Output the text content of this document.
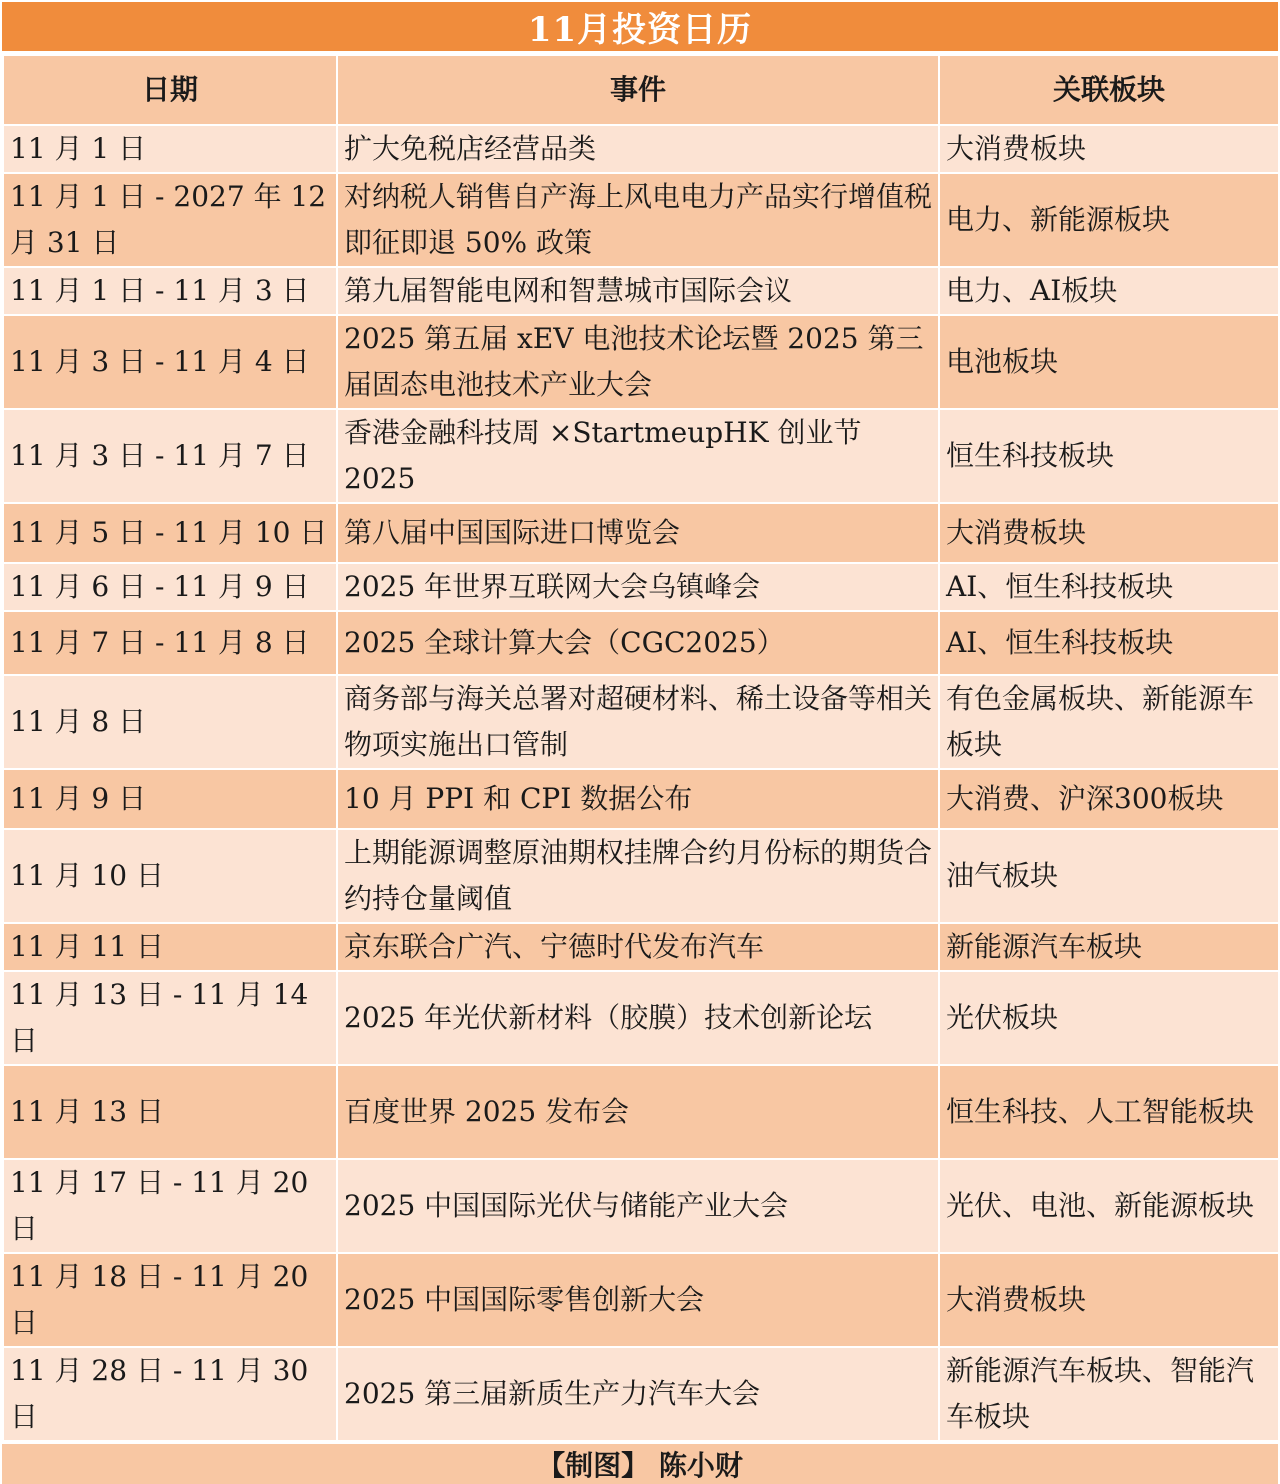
11月投资日历
日期	事件	关联板块
11 月 1 日	扩大免税店经营品类	大消费板块
11 月 1 日 - 2027 年 12 月 31 日	对纳税人销售自产海上风电电力产品实行增值税即征即退 50% 政策	电力、新能源板块
11 月 1 日 - 11 月 3 日	第九届智能电网和智慧城市国际会议	电力、AI板块
11 月 3 日 - 11 月 4 日	2025 第五届 xEV 电池技术论坛暨 2025 第三届固态电池技术产业大会	电池板块
11 月 3 日 - 11 月 7 日	香港金融科技周 ×StartmeupHK 创业节 2025	恒生科技板块
11 月 5 日 - 11 月 10 日	第八届中国国际进口博览会	大消费板块
11 月 6 日 - 11 月 9 日	2025 年世界互联网大会乌镇峰会	AI、恒生科技板块
11 月 7 日 - 11 月 8 日	2025 全球计算大会（CGC2025）	AI、恒生科技板块
11 月 8 日	商务部与海关总署对超硬材料、稀土设备等相关物项实施出口管制	有色金属板块、新能源车板块
11 月 9 日	10 月 PPI 和 CPI 数据公布	大消费、沪深300板块
11 月 10 日	上期能源调整原油期权挂牌合约月份标的期货合约持仓量阈值	油气板块
11 月 11 日	京东联合广汽、宁德时代发布汽车	新能源汽车板块
11 月 13 日 - 11 月 14 日	2025 年光伏新材料（胶膜）技术创新论坛	光伏板块
11 月 13 日	百度世界 2025 发布会	恒生科技、人工智能板块
11 月 17 日 - 11 月 20 日	2025 中国国际光伏与储能产业大会	光伏、电池、新能源板块
11 月 18 日 - 11 月 20 日	2025 中国国际零售创新大会	大消费板块
11 月 28 日 - 11 月 30 日	2025 第三届新质生产力汽车大会	新能源汽车板块、智能汽车板块
【制图】 陈小财
